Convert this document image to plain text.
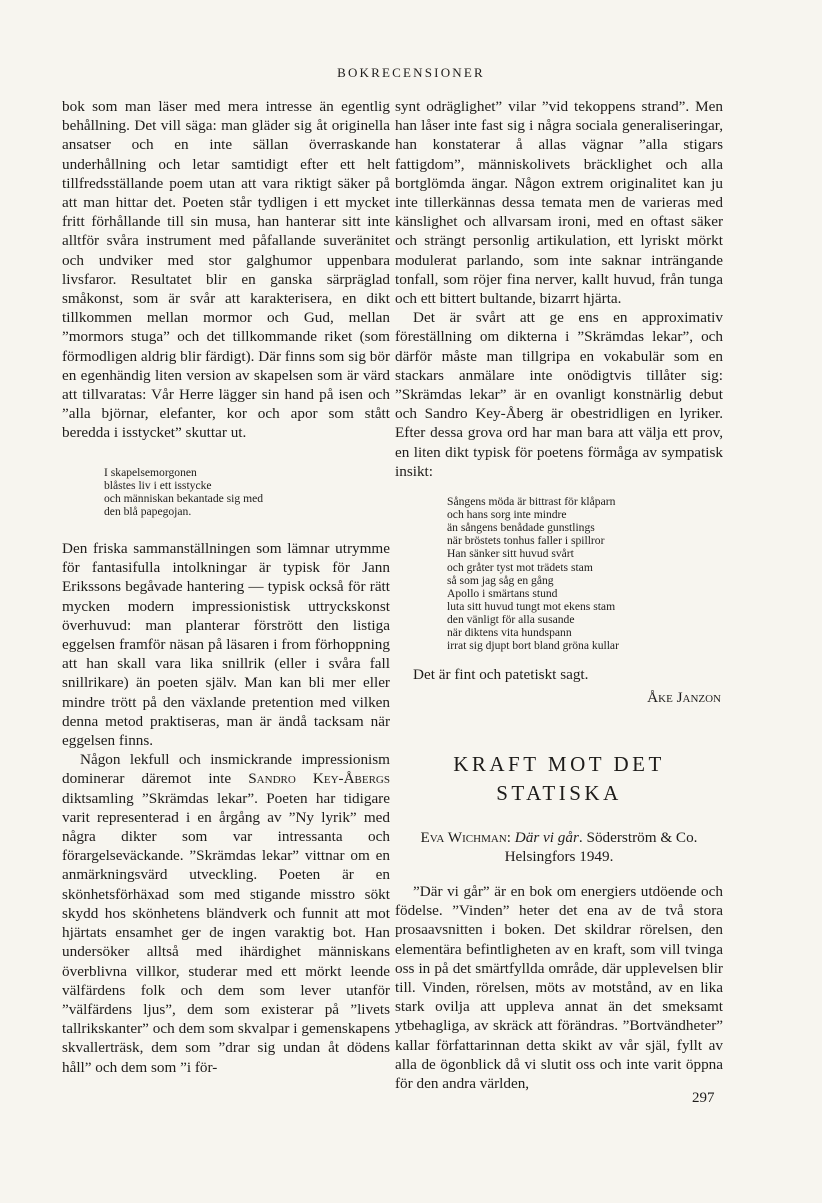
BOKRECENSIONER

bok som man läser med mera intresse än egentlig behållning. Det vill säga: man gläder sig åt originella ansatser och en inte sällan överraskande underhållning och letar samtidigt efter ett helt tillfredsställande poem utan att vara riktigt säker på att man hittar det. Poeten står tydligen i ett mycket fritt förhållande till sin musa, han hanterar sitt inte alltför svåra instrument med påfallande suveränitet och undviker med stor galghumor uppenbara livsfaror. Resultatet blir en ganska särpräglad småkonst, som är svår att karakterisera, en dikt tillkommen mellan mormor och Gud, mellan ”mormors stuga” och det tillkommande riket (som förmodligen aldrig blir färdigt). Där finns som sig bör en egenhändig liten version av skapelsen som är värd att tillvaratas: Vår Herre lägger sin hand på isen och ”alla björnar, elefanter, kor och apor som stått beredda i isstycket” skuttar ut.

I skapelsemorgonen
blåstes liv i ett isstycke
och människan bekantade sig med
den blå papegojan.

Den friska sammanställningen som lämnar utrymme för fantasifulla intolkningar är typisk för Jann Erikssons begåvade hantering — typisk också för rätt mycken modern impressionistisk uttryckskonst överhuvud: man planterar förstrött den listiga eggelsen framför näsan på läsaren i from förhoppning att han skall vara lika snillrik (eller i svåra fall snillrikare) än poeten själv. Man kan bli mer eller mindre trött på den växlande pretention med vilken denna metod praktiseras, man är ändå tacksam när eggelsen finns.

Någon lekfull och insmickrande impressionism dominerar däremot inte Sandro Key-Åbergs diktsamling ”Skrämdas lekar”. Poeten har tidigare varit representerad i en årgång av ”Ny lyrik” med några dikter som var intressanta och förargelseväckande. ”Skrämdas lekar” vittnar om en anmärkningsvärd utveckling. Poeten är en skönhetsförhäxad som med stigande misstro sökt skydd hos skönhetens bländverk och funnit att mot hjärtats ensamhet ger de ingen varaktig bot. Han undersöker alltså med ihärdighet människans överblivna villkor, studerar med ett mörkt leende välfärdens folk och dem som lever utanför ”välfärdens ljus”, dem som existerar på ”livets tallrikskanter” och dem som skvalpar i gemenskapens skvallerträsk, dem som ”drar sig undan åt dödens håll” och dem som ”i för-

synt odräglighet” vilar ”vid tekoppens strand”. Men han låser inte fast sig i några sociala generaliseringar, han konstaterar å allas vägnar ”alla stigars fattigdom”, människolivets bräcklighet och alla bortglömda ängar. Någon extrem originalitet kan ju inte tillerkännas dessa temata men de varieras med känslighet och allvarsam ironi, med en oftast säker och strängt personlig artikulation, ett lyriskt mörkt modulerat parlando, som inte saknar inträngande tonfall, som röjer fina nerver, kallt huvud, från tunga och ett bittert bultande, bizarrt hjärta.

Det är svårt att ge ens en approximativ föreställning om dikterna i ”Skrämdas lekar”, och därför måste man tillgripa en vokabulär som en stackars anmälare inte onödigtvis tillåter sig: ”Skrämdas lekar” är en ovanligt konstnärlig debut och Sandro Key-Åberg är obestridligen en lyriker. Efter dessa grova ord har man bara att välja ett prov, en liten dikt typisk för poetens förmåga av sympatisk insikt:

Sångens möda är bittrast för klåparn
och hans sorg inte mindre
än sångens benådade gunstlings
när bröstets tonhus faller i spillror
Han sänker sitt huvud svårt
och gråter tyst mot trädets stam
så som jag såg en gång
Apollo i smärtans stund
luta sitt huvud tungt mot ekens stam
den vänligt för alla susande
när diktens vita hundspann
irrat sig djupt bort bland gröna kullar

Det är fint och patetiskt sagt.

Åke Janzon
KRAFT MOT DET
STATISKA
Eva Wichman: Där vi går. Söderström & Co. Helsingfors 1949.

”Där vi går” är en bok om energiers utdöende och födelse. ”Vinden” heter det ena av de två stora prosaavsnitten i boken. Det skildrar rörelsen, den elementära befintligheten av en kraft, som vill tvinga oss in på det smärtfyllda område, där upplevelsen blir till. Vinden, rörelsen, möts av motstånd, av en lika stark ovilja att uppleva annat än det smeksamt ytbehagliga, av skräck att förändras. ”Bortvändheter” kallar författarinnan detta skikt av vår själ, fyllt av alla de ögonblick då vi slutit oss och inte varit öppna för den andra världen,

297
